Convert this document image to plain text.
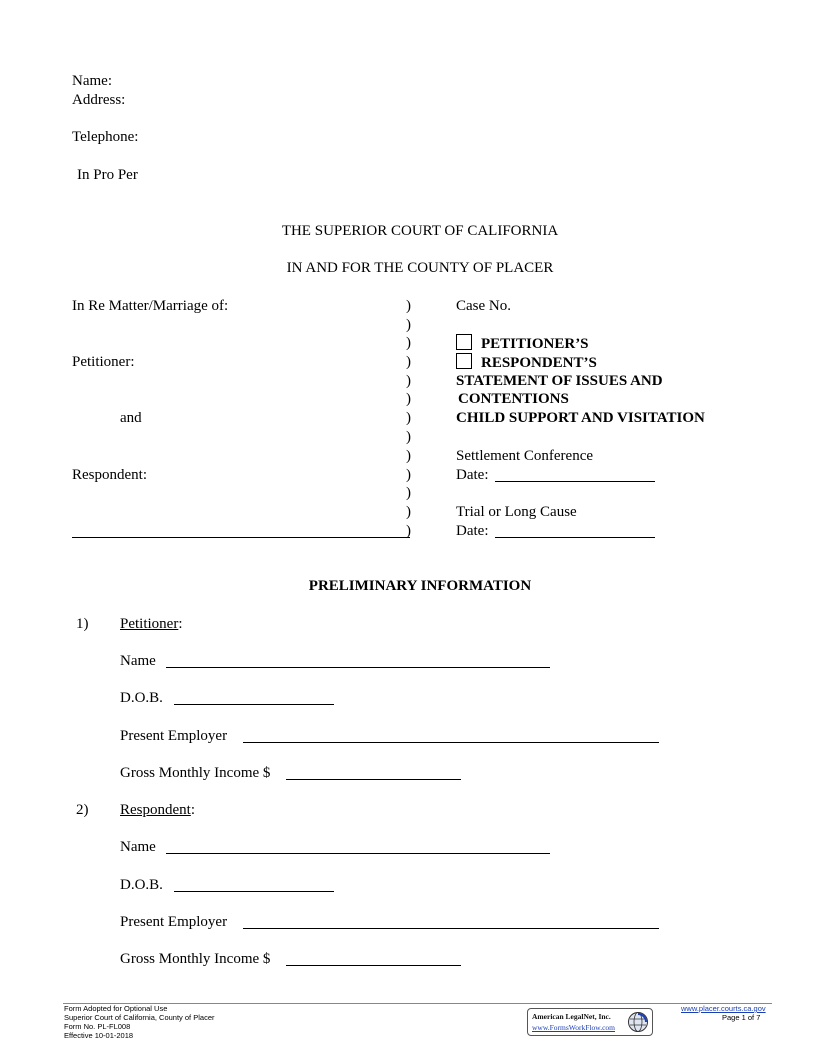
Name:
Address:
Telephone:
In Pro Per
THE SUPERIOR COURT OF CALIFORNIA
IN AND FOR THE COUNTY OF PLACER
In Re Matter/Marriage of:
Petitioner:
and
Respondent:
)
)
)
)
)
)
)
)
)
)
)
)
)
Case No.
PETITIONER’S
RESPONDENT’S
STATEMENT OF ISSUES AND
CONTENTIONS
CHILD SUPPORT AND VISITATION
Settlement Conference
Date:
Trial or Long Cause
Date:
PRELIMINARY INFORMATION
1) Petitioner:
Name
D.O.B.
Present Employer
Gross Monthly Income $
2) Respondent:
Name
D.O.B.
Present Employer
Gross Monthly Income $
Form Adopted for Optional Use
Superior Court of California, County of Placer
Form No. PL-FL008
Effective 10-01-2018
American LegalNet, Inc.
www.FormsWorkFlow.com
www.placer.courts.ca.gov
Page 1 of 7
